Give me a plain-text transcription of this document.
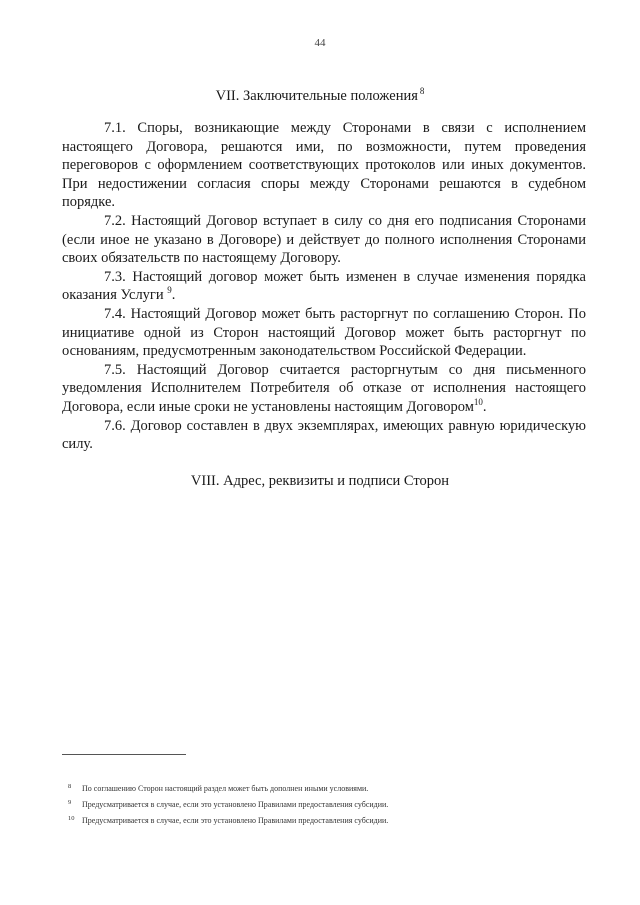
44
VII. Заключительные положения $^8$

7.1. Споры, возникающие между Сторонами в связи с исполнением настоящего Договора, решаются ими, по возможности, путем проведения переговоров с оформлением соответствующих протоколов или иных документов. При недостижении согласия споры между Сторонами решаются в судебном порядке.

7.2. Настоящий Договор вступает в силу со дня его подписания Сторонами (если иное не указано в Договоре) и действует до полного исполнения Сторонами своих обязательств по настоящему Договору.

7.3. Настоящий договор может быть изменен в случае изменения порядка оказания Услуги $^9$.

7.4. Настоящий Договор может быть расторгнут по соглашению Сторон. По инициативе одной из Сторон настоящий Договор может быть расторгнут по основаниям, предусмотренным законодательством Российской Федерации.

7.5. Настоящий Договор считается расторгнутым со дня письменного уведомления Исполнителем Потребителя об отказе от исполнения настоящего Договора, если иные сроки не установлены настоящим Договором$^{10}$.

7.6. Договор составлен в двух экземплярах, имеющих равную юридическую силу.

VIII. Адрес, реквизиты и подписи Сторон
8 По соглашению Сторон настоящий раздел может быть дополнен иными условиями.
9 Предусматривается в случае, если это установлено Правилами предоставления субсидии.
10 Предусматривается в случае, если это установлено Правилами предоставления субсидии.
